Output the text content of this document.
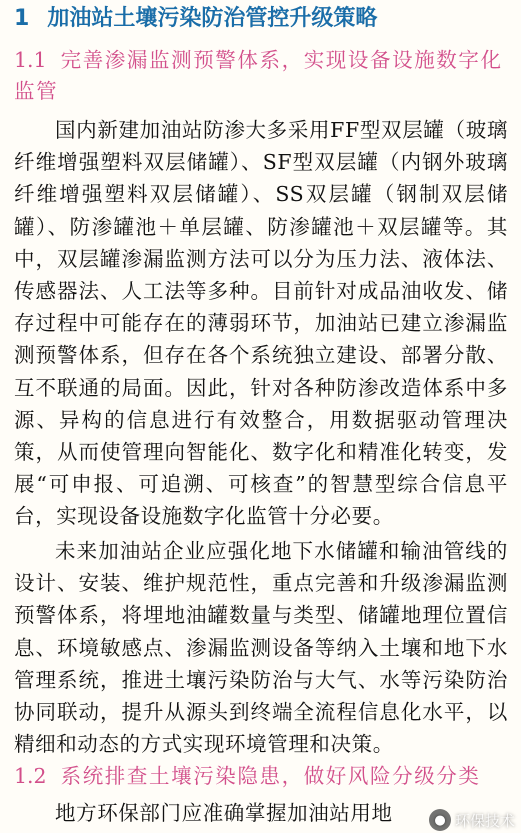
1 加油站土壤污染防治管控升级策略
1.1 完善渗漏监测预警体系，实现设备设施数字化监管

国内新建加油站防渗大多采用FF型双层罐（玻璃纤维增强塑料双层储罐）、SF型双层罐（内钢外玻璃纤维增强塑料双层储罐）、SS双层罐（钢制双层储罐）、防渗罐池＋单层罐、防渗罐池＋双层罐等。其中，双层罐渗漏监测方法可以分为压力法、液体法、传感器法、人工法等多种。目前针对成品油收发、储存过程中可能存在的薄弱环节，加油站已建立渗漏监测预警体系，但存在各个系统独立建设、部署分散、互不联通的局面。因此，针对各种防渗改造体系中多源、异构的信息进行有效整合，用数据驱动管理决策，从而使管理向智能化、数字化和精准化转变，发展“可申报、可追溯、可核查”的智慧型综合信息平台，实现设备设施数字化监管十分必要。

未来加油站企业应强化地下水储罐和输油管线的设计、安装、维护规范性，重点完善和升级渗漏监测预警体系，将埋地油罐数量与类型、储罐地理位置信息、环境敏感点、渗漏监测设备等纳入土壤和地下水管理系统，推进土壤污染防治与大气、水等污染防治协同联动，提升从源头到终端全流程信息化水平，以精细和动态的方式实现环境管理和决策。

1.2 系统排查土壤污染隐患，做好风险分级分类

地方环保部门应准确掌握加油站用地	● 环保技术
